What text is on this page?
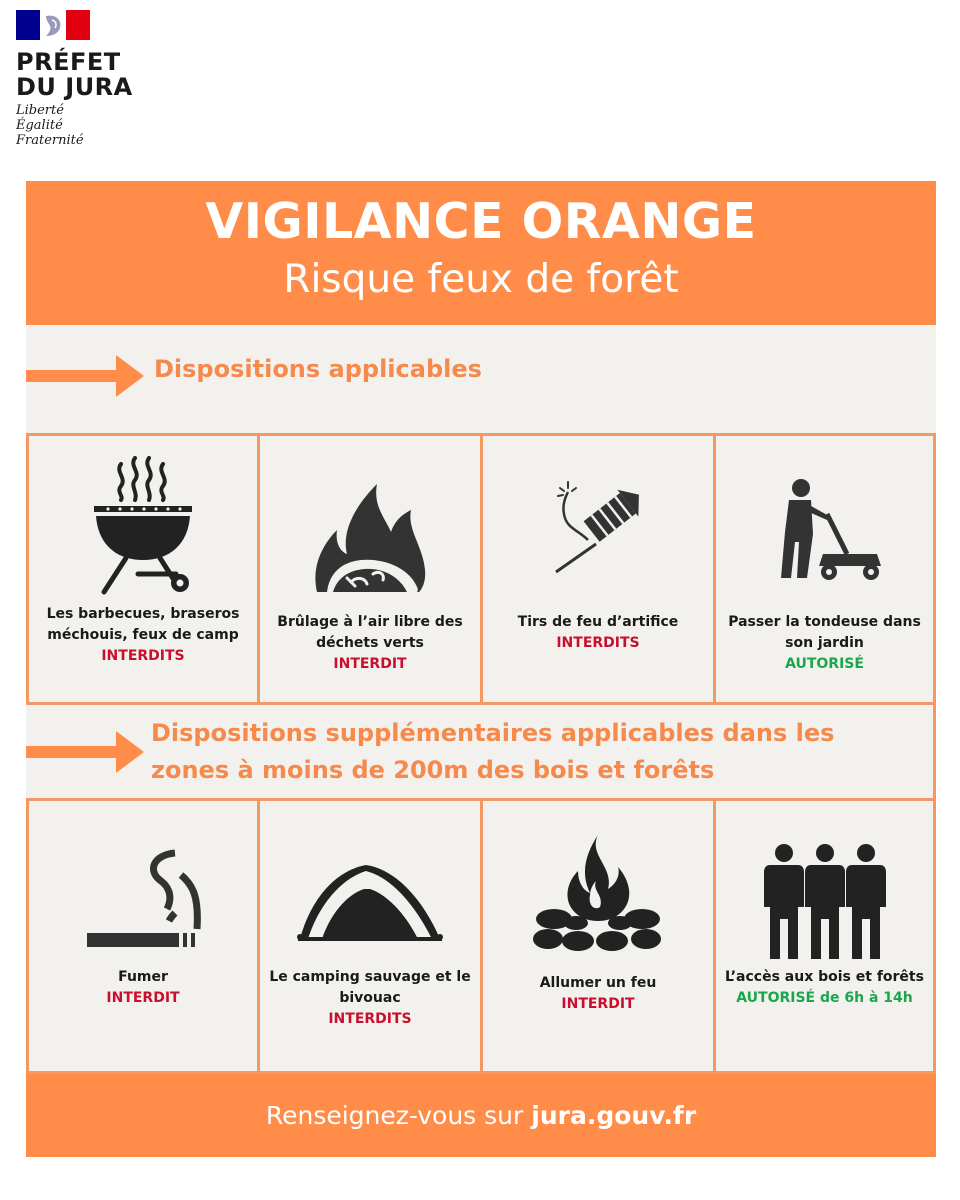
PRÉFET
DU JURA
Liberté
Égalité
Fraternité
VIGILANCE ORANGE
Risque feux de forêt
Dispositions applicables
Les barbecues, braseros méchouis, feux de camp
INTERDITS
Brûlage à l’air libre des déchets verts
INTERDIT
Tirs de feu d’artifice
INTERDITS
Passer la tondeuse dans son jardin
AUTORISÉ
Dispositions supplémentaires applicables dans les
zones à moins de 200m des bois et forêts
Fumer
INTERDIT
Le camping sauvage et le bivouac
INTERDITS
Allumer un feu
INTERDIT
L’accès aux bois et forêts
AUTORISÉ de 6h à 14h
Renseignez-vous sur jura.gouv.fr
